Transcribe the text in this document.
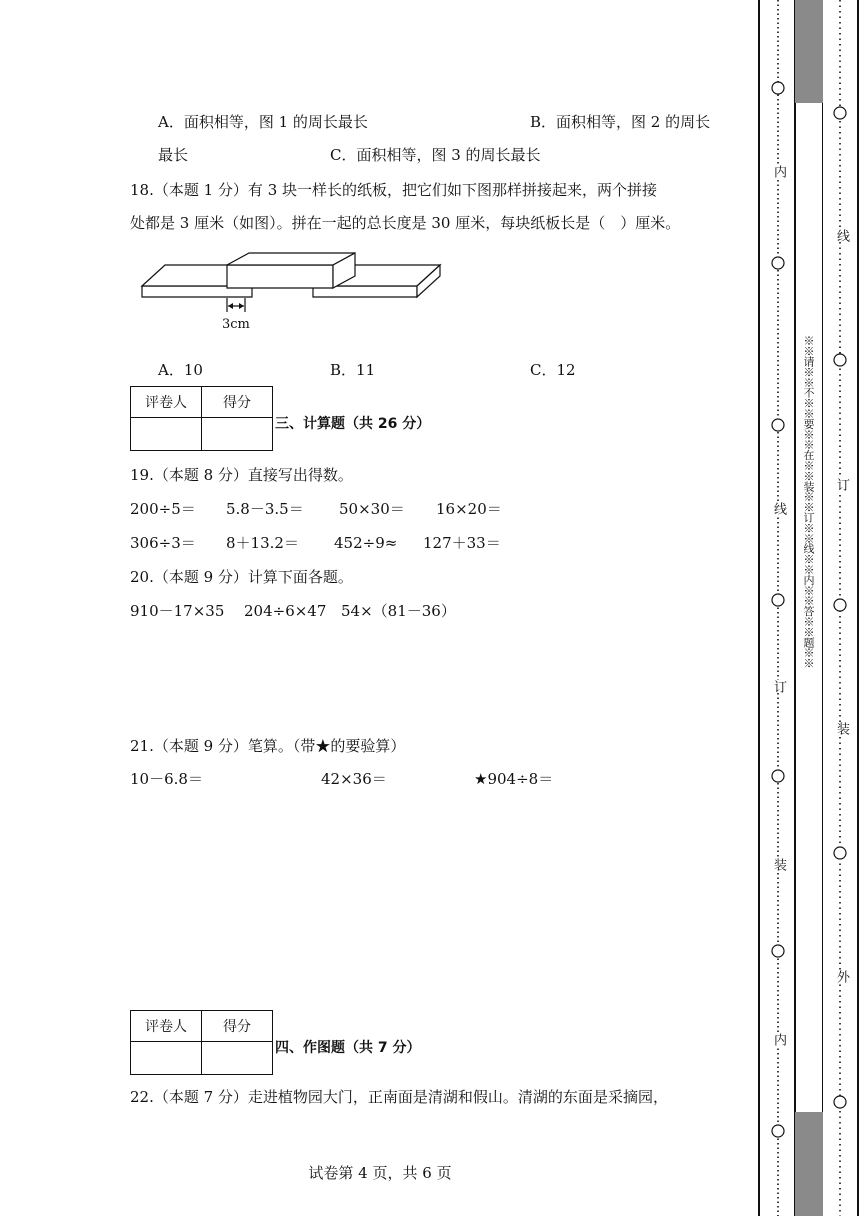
A．面积相等，图 1 的周长最长	B．面积相等，图 2 的周长
最长	C．面积相等，图 3 的周长最长
18.（本题 1 分）有 3 块一样长的纸板，把它们如下图那样拼接起来，两个拼接
处都是 3 厘米（如图）。拼在一起的总长度是 30 厘米，每块纸板长是（　）厘米。
3cm
A．10	B．11	C．12
评卷人	得分

三、计算题（共 26 分）
19.（本题 8 分）直接写出得数。
200÷5＝ 5.8－3.5＝ 50×30＝ 16×20＝
306÷3＝ 8＋13.2＝ 452÷9≈ 127＋33＝
20.（本题 9 分）计算下面各题。
910－17×35 204÷6×47 54×（81－36）
21.（本题 9 分）笔算。（带★的要验算）
10－6.8＝	42×36＝	★904÷8＝
评卷人	得分

四、作图题（共 7 分）
22.（本题 7 分）走进植物园大门，正南面是清湖和假山。清湖的东面是采摘园，
试卷第 4 页，共 6 页
内
线
订
装
内
※※请※※不※※要※※在※※装※※订※※线※※内※※答※※题※※
线
订
装
外
